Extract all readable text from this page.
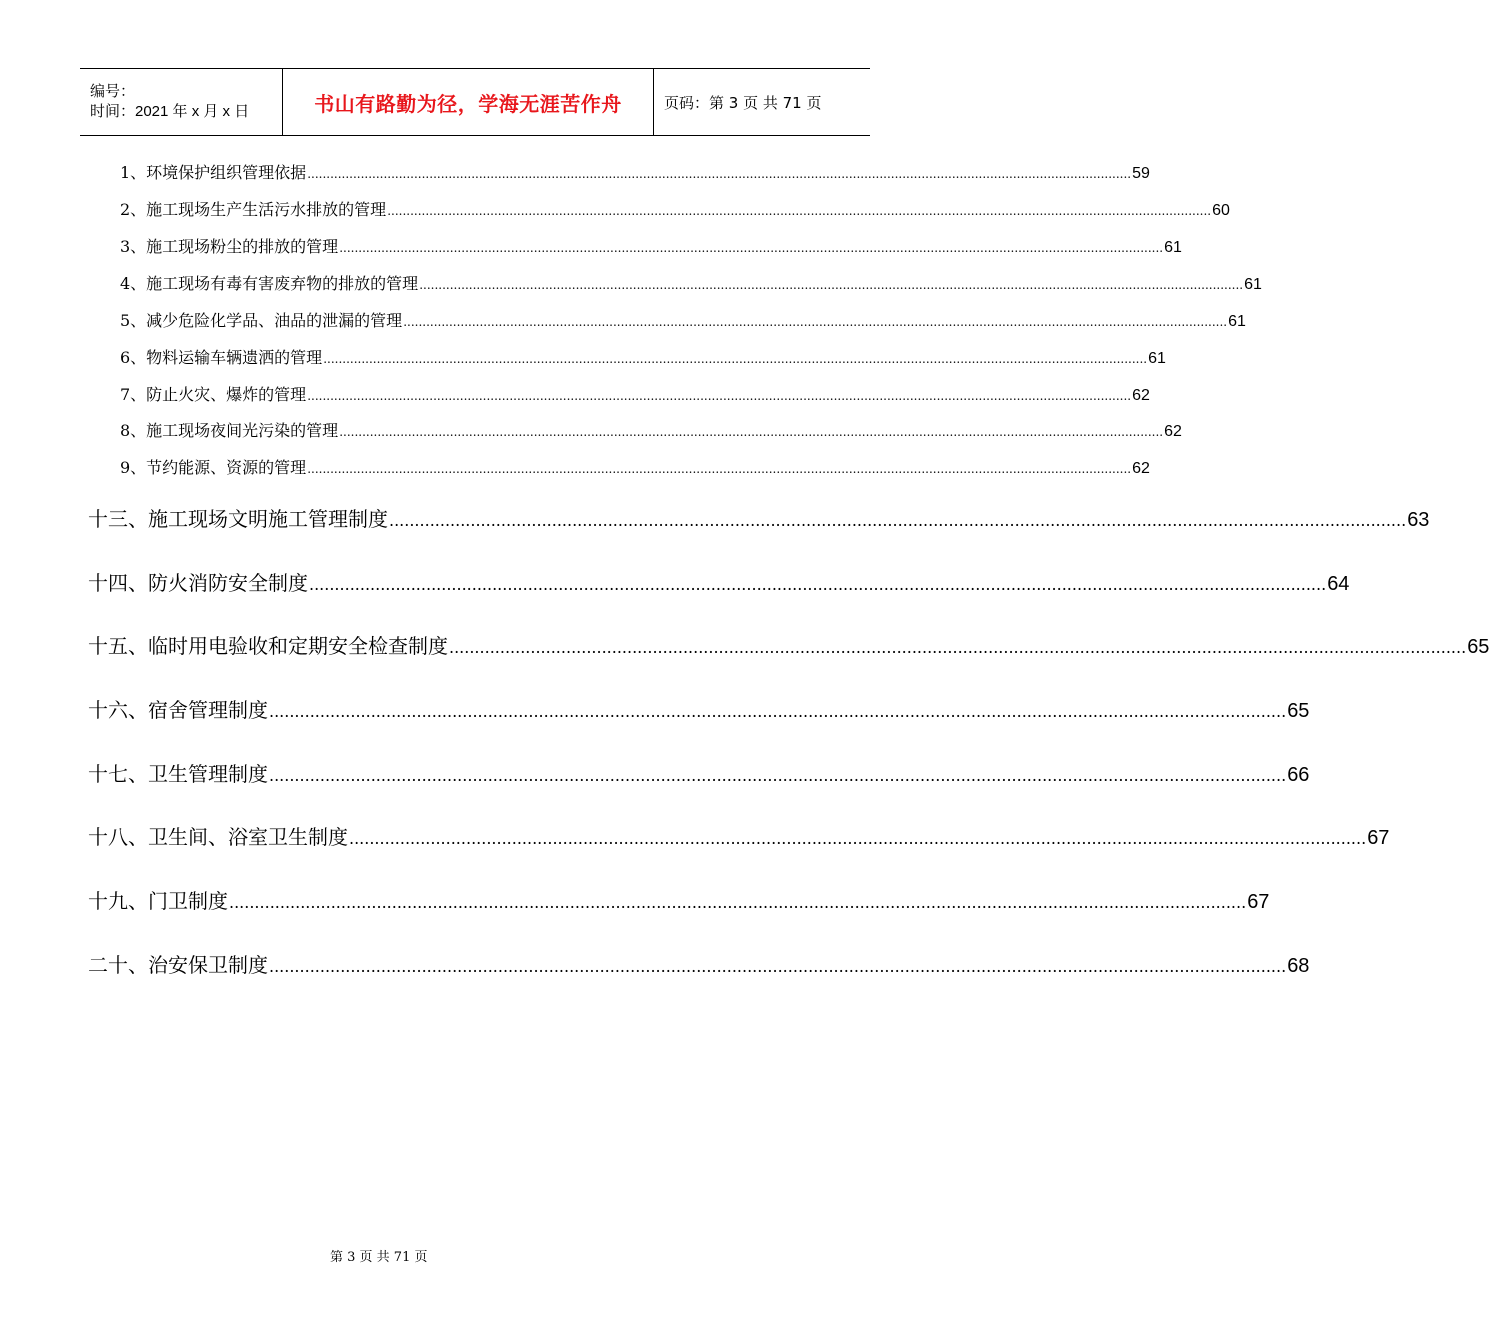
编号：
时间：2021 年 x 月 x 日	书山有路勤为径，学海无涯苦作舟	页码：第 3 页 共 71 页
1、环境保护组织管理依据 ........................................................................................................................................................................................................................ 59
2、施工现场生产生活污水排放的管理 ........................................................................................................................................................................................................................ 60
3、施工现场粉尘的排放的管理 ........................................................................................................................................................................................................................ 61
4、施工现场有毒有害废弃物的排放的管理 ........................................................................................................................................................................................................................ 61
5、减少危险化学品、油品的泄漏的管理 ........................................................................................................................................................................................................................ 61
6、物料运输车辆遗洒的管理 ........................................................................................................................................................................................................................ 61
7、防止火灾、爆炸的管理 ........................................................................................................................................................................................................................ 62
8、施工现场夜间光污染的管理 ........................................................................................................................................................................................................................ 62
9、节约能源、资源的管理 ........................................................................................................................................................................................................................ 62
十三、施工现场文明施工管理制度 ........................................................................................................................................................................................................ 63
十四、防火消防安全制度 ........................................................................................................................................................................................................ 64
十五、临时用电验收和定期安全检查制度 ........................................................................................................................................................................................................ 65
十六、宿舍管理制度 ........................................................................................................................................................................................................ 65
十七、卫生管理制度 ........................................................................................................................................................................................................ 66
十八、卫生间、浴室卫生制度 ........................................................................................................................................................................................................ 67
十九、门卫制度 ........................................................................................................................................................................................................ 67
二十、治安保卫制度 ........................................................................................................................................................................................................ 68
第 3 页 共 71 页
